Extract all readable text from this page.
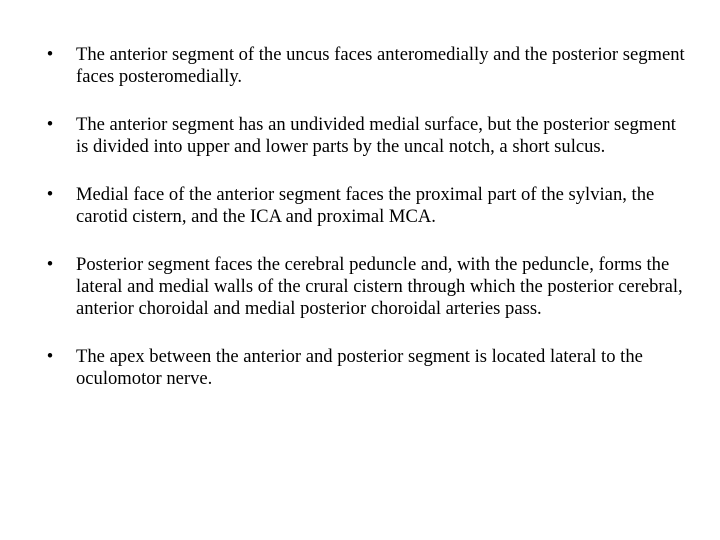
•	The anterior segment of the uncus faces anteromedially and the posterior segment faces posteromedially.
•	The anterior segment has an undivided medial surface, but the posterior segment is divided into upper and lower parts by the uncal notch, a short sulcus.
•	Medial face of the anterior segment faces the proximal part of the sylvian, the carotid cistern, and the ICA and proximal MCA.
•	Posterior segment faces the cerebral peduncle and, with the peduncle, forms the lateral and medial walls of the crural cistern through which the posterior cerebral, anterior choroidal and medial posterior choroidal arteries pass.
•	The apex between the anterior and posterior segment is located lateral to the oculomotor nerve.
